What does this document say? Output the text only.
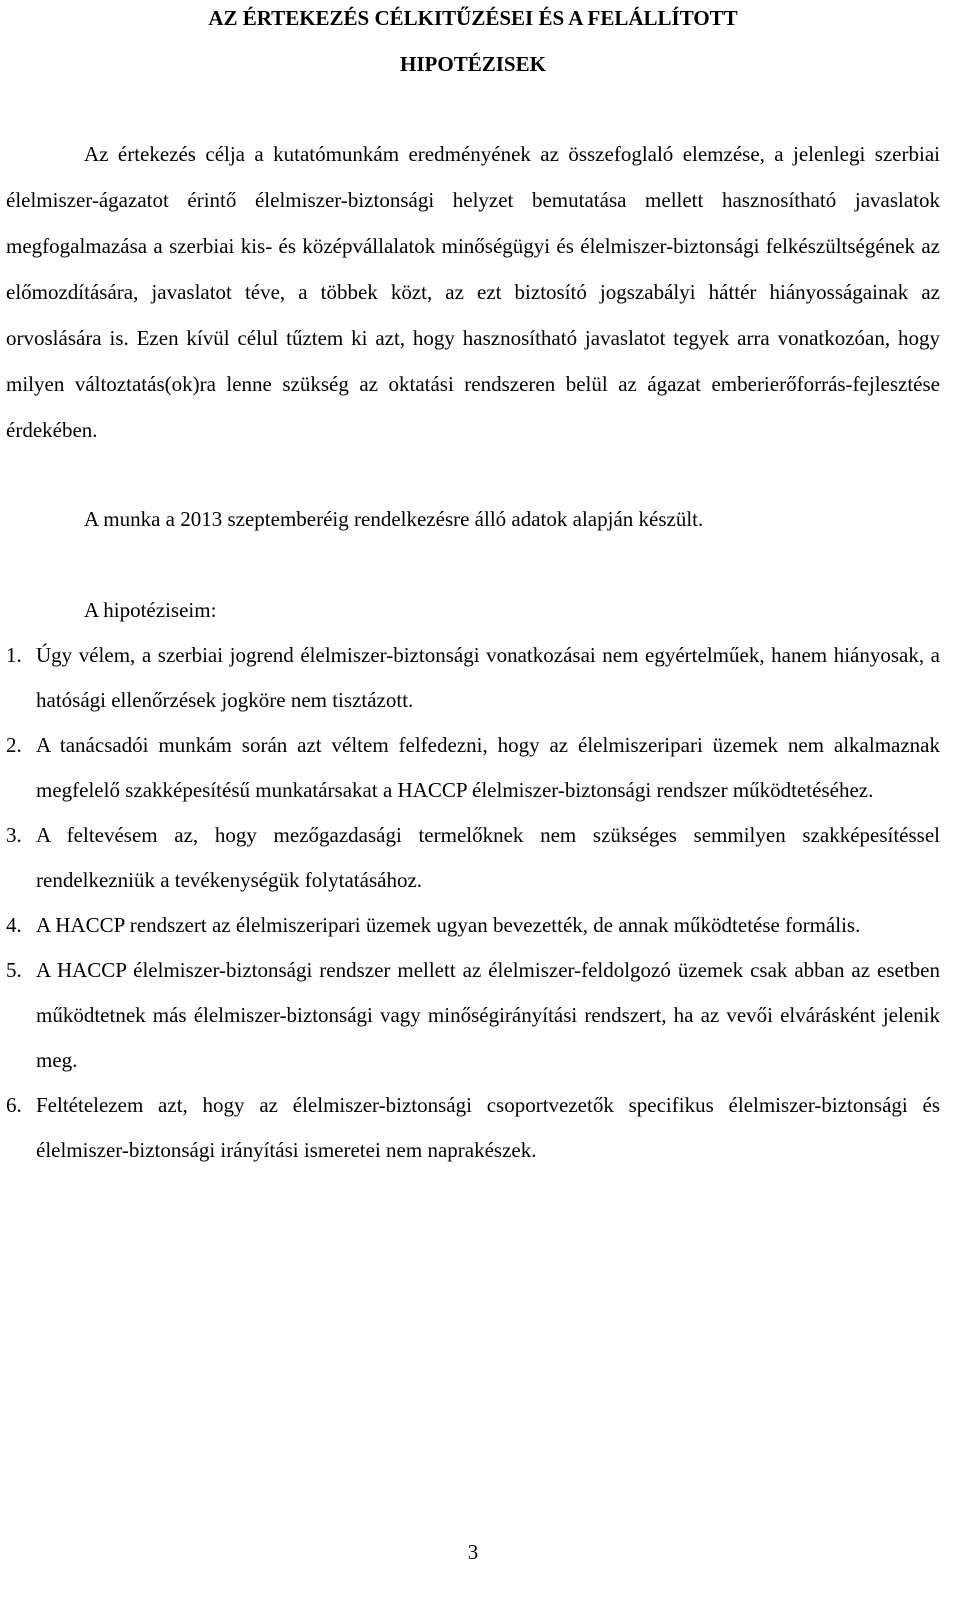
AZ ÉRTEKEZÉS CÉLKITŰZÉSEI ÉS A FELÁLLÍTOTT
HIPOTÉZISEK

Az értekezés célja a kutatómunkám eredményének az összefoglaló elemzése, a jelenlegi szerbiai élelmiszer-ágazatot érintő élelmiszer-biztonsági helyzet bemutatása mellett hasznosítható javaslatok megfogalmazása a szerbiai kis- és középvállalatok minőségügyi és élelmiszer-biztonsági felkészültségének az előmozdítására, javaslatot téve, a többek közt, az ezt biztosító jogszabályi háttér hiányosságainak az orvoslására is. Ezen kívül célul tűztem ki azt, hogy hasznosítható javaslatot tegyek arra vonatkozóan, hogy milyen változtatás(ok)ra lenne szükség az oktatási rendszeren belül az ágazat emberierőforrás-fejlesztése érdekében.

A munka a 2013 szeptemberéig rendelkezésre álló adatok alapján készült.

A hipotéziseim:

1. Úgy vélem, a szerbiai jogrend élelmiszer-biztonsági vonatkozásai nem egyértelműek, hanem hiányosak, a hatósági ellenőrzések jogköre nem tisztázott.
2. A tanácsadói munkám során azt véltem felfedezni, hogy az élelmiszeripari üzemek nem alkalmaznak megfelelő szakképesítésű munkatársakat a HACCP élelmiszer-biztonsági rendszer működtetéséhez.
3. A feltevésem az, hogy mezőgazdasági termelőknek nem szükséges semmilyen szakképesítéssel rendelkezniük a tevékenységük folytatásához.
4. A HACCP rendszert az élelmiszeripari üzemek ugyan bevezették, de annak működtetése formális.
5. A HACCP élelmiszer-biztonsági rendszer mellett az élelmiszer-feldolgozó üzemek csak abban az esetben működtetnek más élelmiszer-biztonsági vagy minőségirányítási rendszert, ha az vevői elvárásként jelenik meg.
6. Feltételezem azt, hogy az élelmiszer-biztonsági csoportvezetők specifikus élelmiszer-biztonsági és élelmiszer-biztonsági irányítási ismeretei nem naprakészek.
3
